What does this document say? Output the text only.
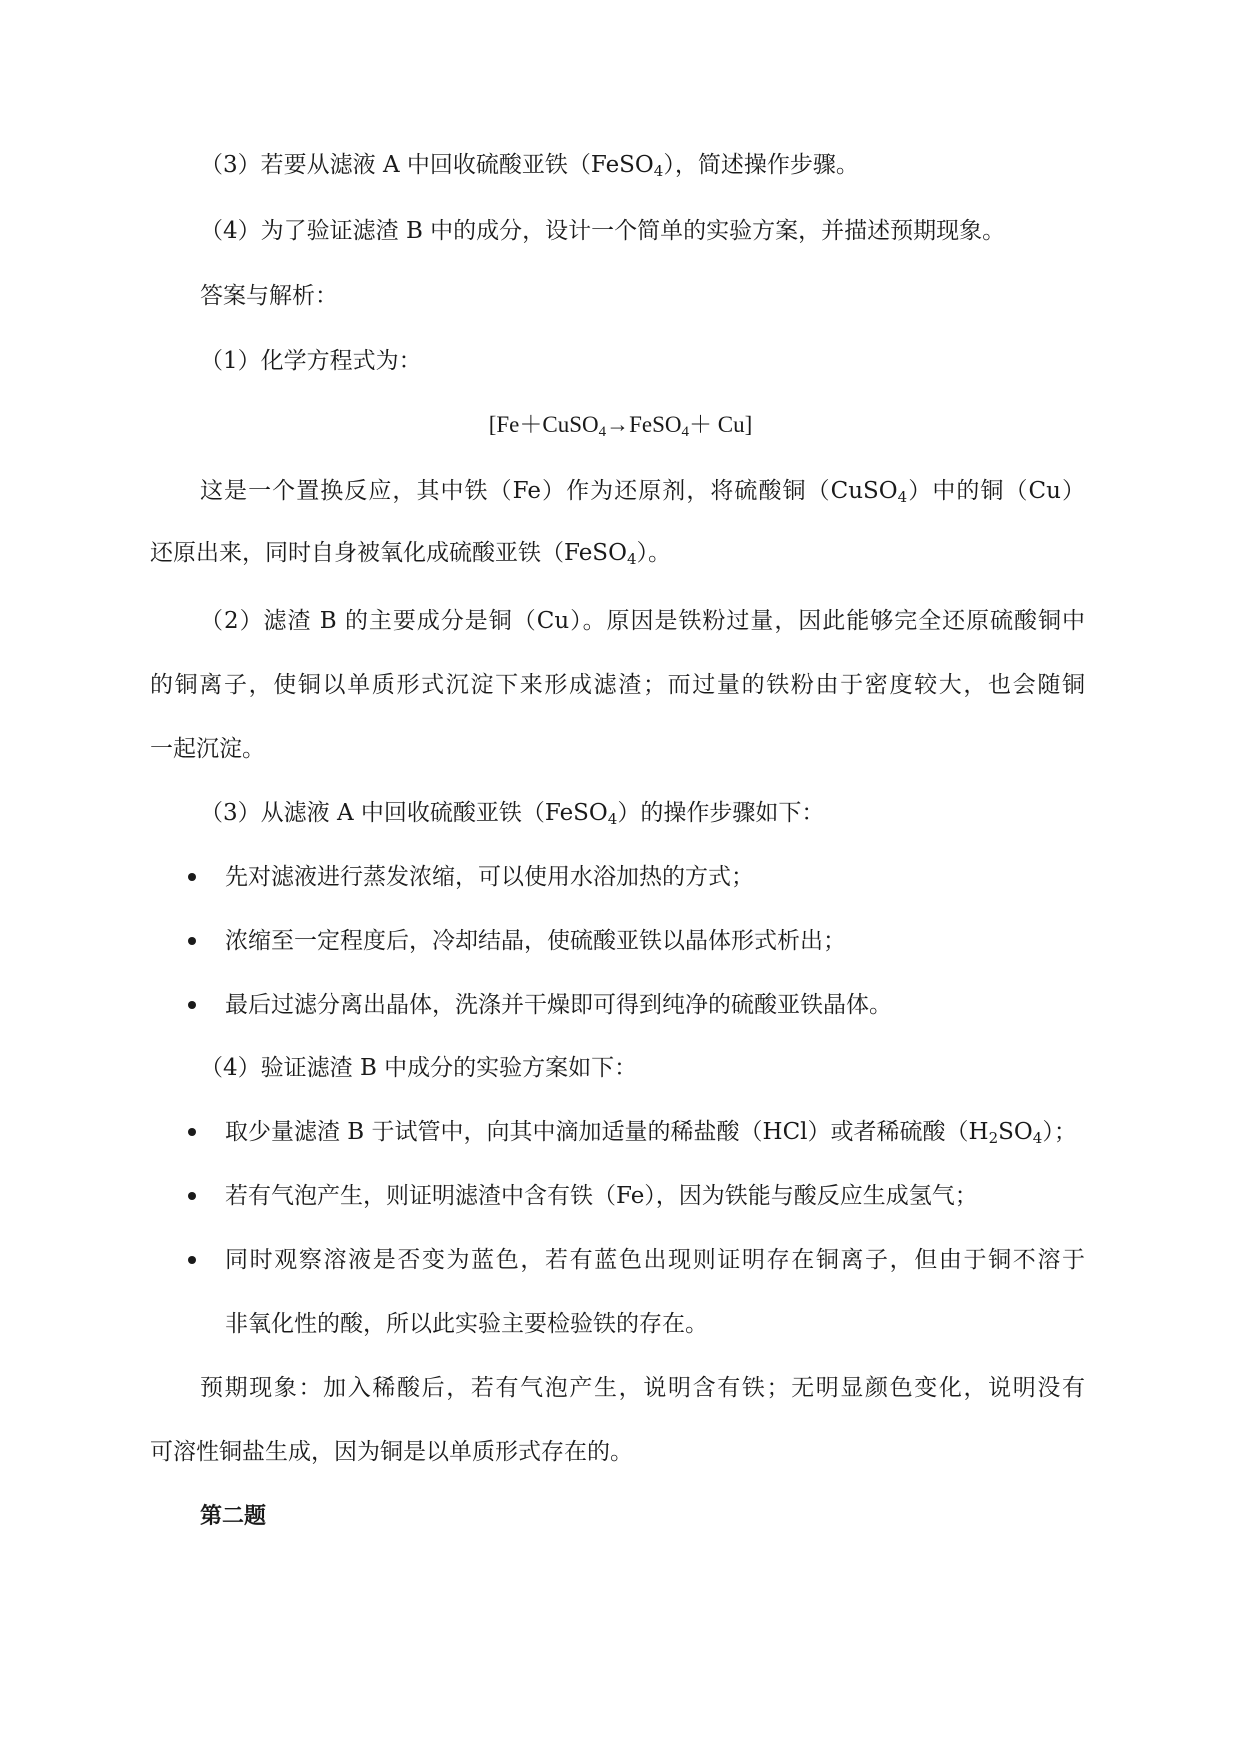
（3）若要从滤液 A 中回收硫酸亚铁（FeSO$_4$），简述操作步骤。
（4）为了验证滤渣 B 中的成分，设计一个简单的实验方案，并描述预期现象。
答案与解析：
（1）化学方程式为：
[Fe＋CuSO$_4$→FeSO$_4$＋ Cu]
这是一个置换反应，其中铁（Fe）作为还原剂，将硫酸铜（CuSO$_4$）中的铜（Cu）
还原出来，同时自身被氧化成硫酸亚铁（FeSO$_4$）。
（2）滤渣 B 的主要成分是铜（Cu）。原因是铁粉过量，因此能够完全还原硫酸铜中
的铜离子，使铜以单质形式沉淀下来形成滤渣；而过量的铁粉由于密度较大，也会随铜
一起沉淀。
（3）从滤液 A 中回收硫酸亚铁（FeSO$_4$）的操作步骤如下：
先对滤液进行蒸发浓缩，可以使用水浴加热的方式；
浓缩至一定程度后，冷却结晶，使硫酸亚铁以晶体形式析出；
最后过滤分离出晶体，洗涤并干燥即可得到纯净的硫酸亚铁晶体。
（4）验证滤渣 B 中成分的实验方案如下：
取少量滤渣 B 于试管中，向其中滴加适量的稀盐酸（HCl）或者稀硫酸$(H_2SO_4)$；
若有气泡产生，则证明滤渣中含有铁（Fe），因为铁能与酸反应生成氢气；
同时观察溶液是否变为蓝色，若有蓝色出现则证明存在铜离子，但由于铜不溶于
非氧化性的酸，所以此实验主要检验铁的存在。
预期现象：加入稀酸后，若有气泡产生，说明含有铁；无明显颜色变化，说明没有
可溶性铜盐生成，因为铜是以单质形式存在的。
第二题
